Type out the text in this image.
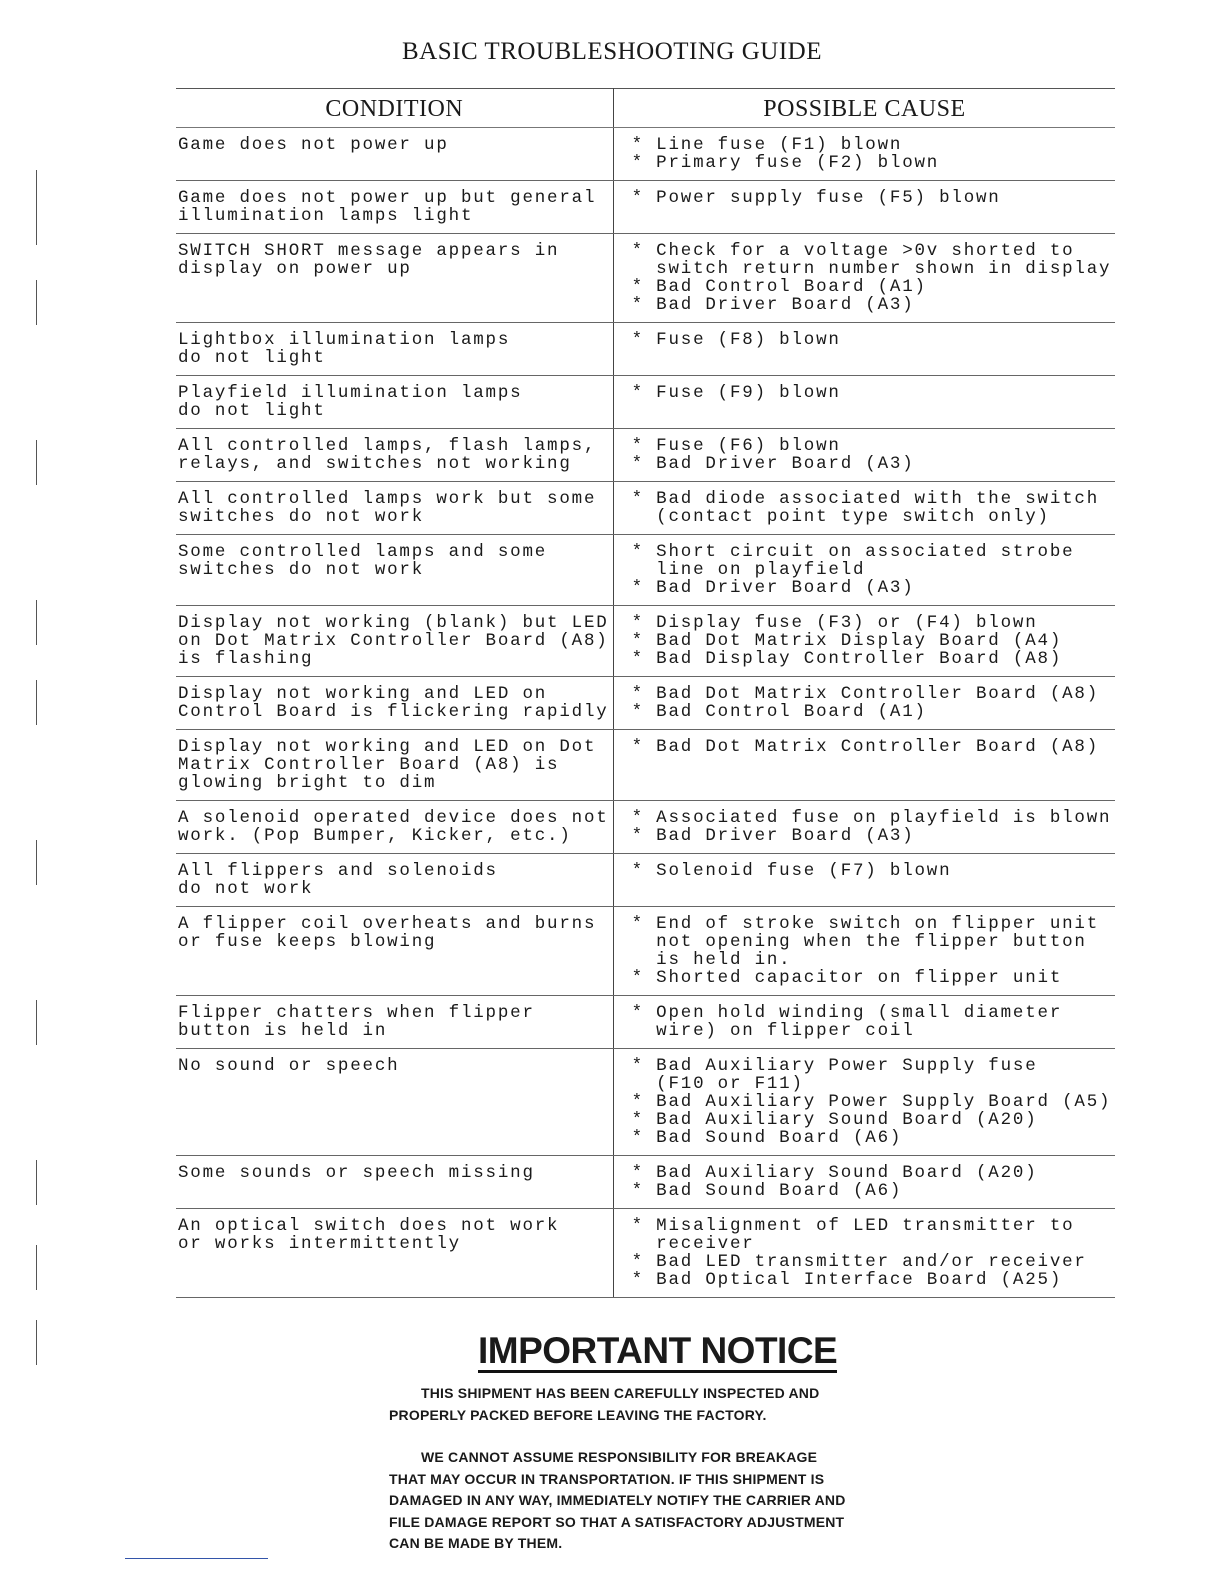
BASIC TROUBLESHOOTING GUIDE
CONDITION	POSSIBLE CAUSE

Game does not power up	* Line fuse (F1) blown
* Primary fuse (F2) blown

Game does not power up but general
illumination lamps light	* Power supply fuse (F5) blown

SWITCH SHORT message appears in
display on power up	* Check for a voltage >0v shorted to
switch return number shown in display
* Bad Control Board (A1)
* Bad Driver Board (A3)

Lightbox illumination lamps
do not light	* Fuse (F8) blown

Playfield illumination lamps
do not light	* Fuse (F9) blown

All controlled lamps, flash lamps,
relays, and switches not working	* Fuse (F6) blown
* Bad Driver Board (A3)

All controlled lamps work but some
switches do not work	* Bad diode associated with the switch
(contact point type switch only)

Some controlled lamps and some
switches do not work	* Short circuit on associated strobe
line on playfield
* Bad Driver Board (A3)

Display not working (blank) but LED
on Dot Matrix Controller Board (A8)
is flashing	* Display fuse (F3) or (F4) blown
* Bad Dot Matrix Display Board (A4)
* Bad Display Controller Board (A8)

Display not working and LED on
Control Board is flickering rapidly	* Bad Dot Matrix Controller Board (A8)
* Bad Control Board (A1)

Display not working and LED on Dot
Matrix Controller Board (A8) is
glowing bright to dim	* Bad Dot Matrix Controller Board (A8)

A solenoid operated device does not
work. (Pop Bumper, Kicker, etc.)	* Associated fuse on playfield is blown
* Bad Driver Board (A3)

All flippers and solenoids
do not work	* Solenoid fuse (F7) blown

A flipper coil overheats and burns
or fuse keeps blowing	* End of stroke switch on flipper unit
not opening when the flipper button
is held in.
* Shorted capacitor on flipper unit

Flipper chatters when flipper
button is held in	* Open hold winding (small diameter
wire) on flipper coil

No sound or speech	* Bad Auxiliary Power Supply fuse
(F10 or F11)
* Bad Auxiliary Power Supply Board (A5)
* Bad Auxiliary Sound Board (A20)
* Bad Sound Board (A6)

Some sounds or speech missing	* Bad Auxiliary Sound Board (A20)
* Bad Sound Board (A6)

An optical switch does not work
or works intermittently	* Misalignment of LED transmitter to
receiver
* Bad LED transmitter and/or receiver
* Bad Optical Interface Board (A25)
IMPORTANT NOTICE
THIS SHIPMENT HAS BEEN CAREFULLY INSPECTED AND
PROPERLY PACKED BEFORE LEAVING THE FACTORY.
WE CANNOT ASSUME RESPONSIBILITY FOR BREAKAGE
THAT MAY OCCUR IN TRANSPORTATION. IF THIS SHIPMENT IS
DAMAGED IN ANY WAY, IMMEDIATELY NOTIFY THE CARRIER AND
FILE DAMAGE REPORT SO THAT A SATISFACTORY ADJUSTMENT
CAN BE MADE BY THEM.
